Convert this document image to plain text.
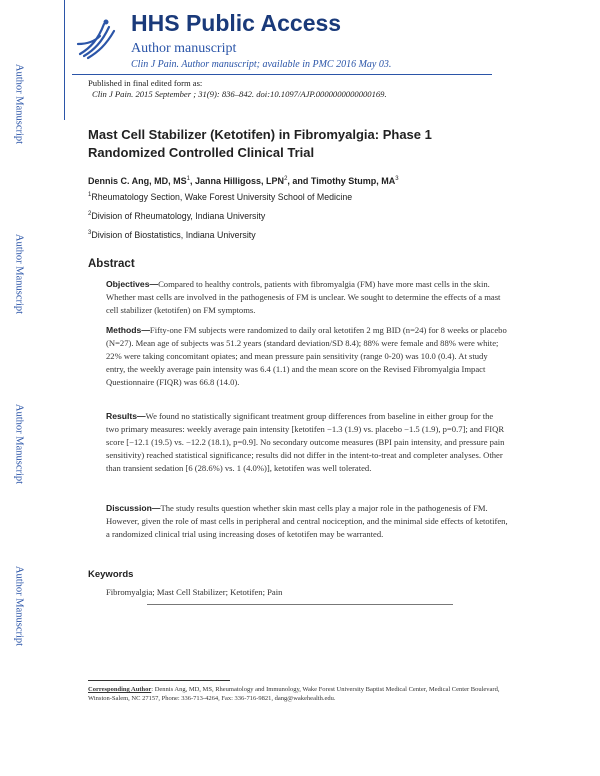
HHS Public Access
Author manuscript
Clin J Pain. Author manuscript; available in PMC 2016 May 03.
Published in final edited form as:
Clin J Pain. 2015 September ; 31(9): 836–842. doi:10.1097/AJP.0000000000000169.
Author Manuscript
Author Manuscript
Author Manuscript
Author Manuscript
Mast Cell Stabilizer (Ketotifen) in Fibromyalgia: Phase 1 Randomized Controlled Clinical Trial
Dennis C. Ang, MD, $MS^1$, Janna Hilligoss, LPN$^2$, and Timothy Stump, $MA^3$
$^1$Rheumatology Section, Wake Forest University School of Medicine
$^2$Division of Rheumatology, Indiana University
$^3$Division of Biostatistics, Indiana University
Abstract

Objectives—Compared to healthy controls, patients with fibromyalgia (FM) have more mast cells in the skin. Whether mast cells are involved in the pathogenesis of FM is unclear. We sought to determine the effects of a mast cell stabilizer (ketotifen) on FM symptoms.

Methods—Fifty-one FM subjects were randomized to daily oral ketotifen 2 mg BID (n=24) for 8 weeks or placebo (N=27). Mean age of subjects was 51.2 years (standard deviation/SD 8.4); 88% were female and 88% were white; 22% were taking concomitant opiates; and mean pressure pain sensitivity (range 0-20) was 10.0 (0.4). At study entry, the weekly average pain intensity was 6.4 (1.1) and the mean score on the Revised Fibromyalgia Impact Questionnaire (FIQR) was 66.8 (14.0).

Results—We found no statistically significant treatment group differences from baseline in either group for the two primary measures: weekly average pain intensity [ketotifen −1.3 (1.9) vs. placebo −1.5 (1.9), p=0.7]; and FIQR score [−12.1 (19.5) vs. −12.2 (18.1), p=0.9]. No secondary outcome measures (BPI pain intensity, and pressure pain sensitivity) reached statistical significance; results did not differ in the intent-to-treat and completer analyses. Other than transient sedation [6 (28.6%) vs. 1 (4.0%)], ketotifen was well tolerated.

Discussion—The study results question whether skin mast cells play a major role in the pathogenesis of FM. However, given the role of mast cells in peripheral and central nociception, and the minimal side effects of ketotifen, a randomized clinical trial using increasing doses of ketotifen may be warranted.

Keywords
Fibromyalgia; Mast Cell Stabilizer; Ketotifen; Pain
Corresponding Author: Dennis Ang, MD, MS, Rheumatology and Immunology, Wake Forest University Baptist Medical Center, Medical Center Boulevard, Winston-Salem, NC 27157, Phone: 336-713-4264, Fax: 336-716-9821, dang@wakehealth.edu.
